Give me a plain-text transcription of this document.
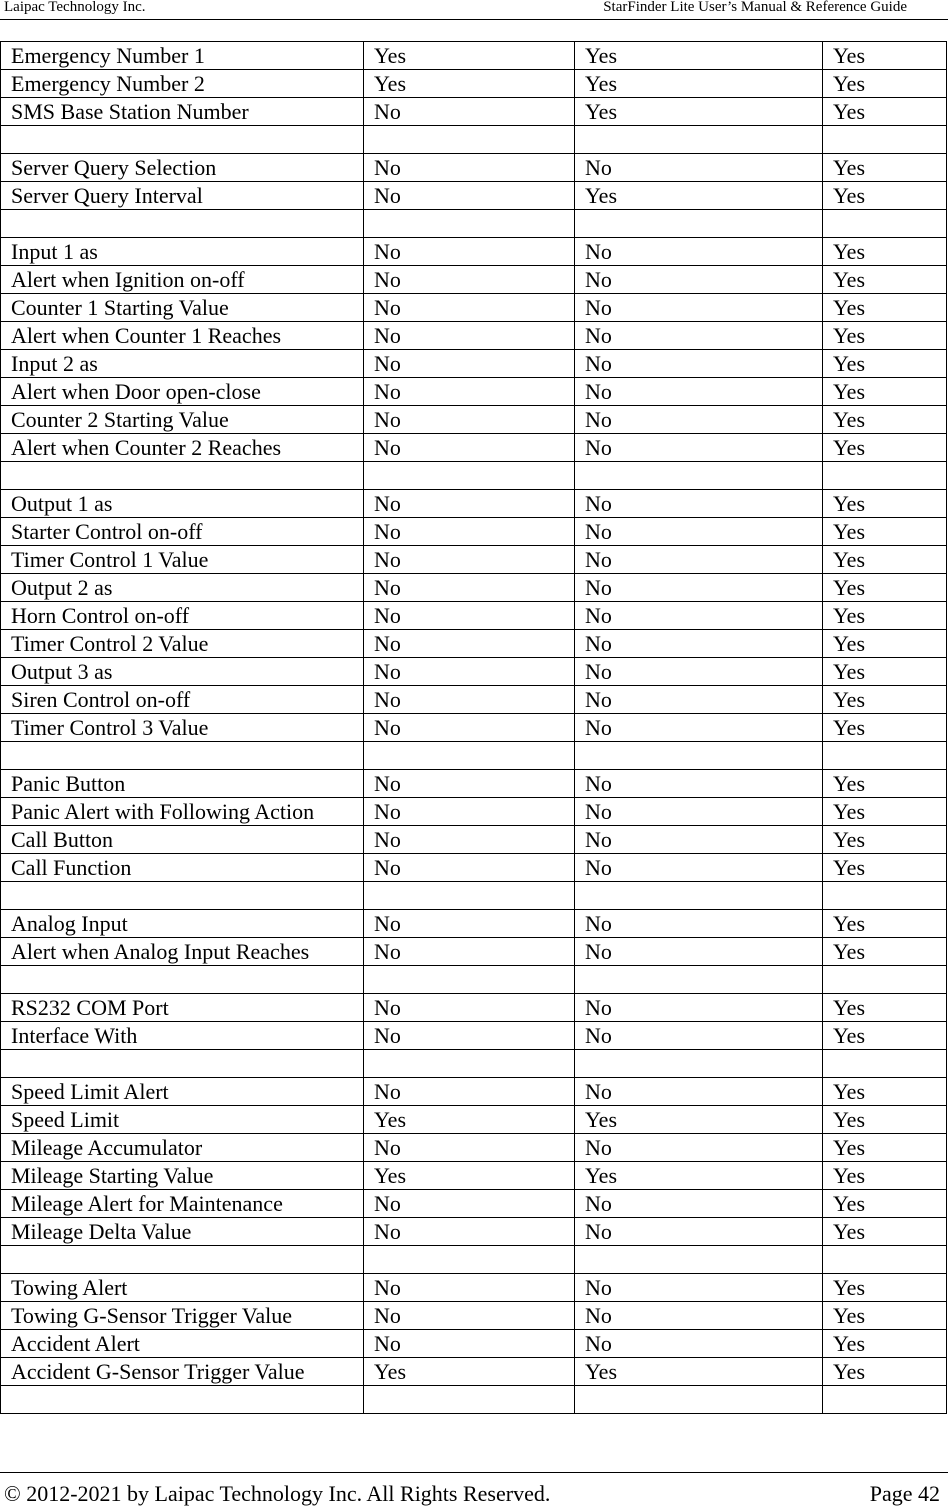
Laipac Technology Inc.	StarFinder Lite User’s Manual & Reference Guide
Emergency Number 1	Yes	Yes	Yes
Emergency Number 2	Yes	Yes	Yes
SMS Base Station Number	No	Yes	Yes

Server Query Selection	No	No	Yes
Server Query Interval	No	Yes	Yes

Input 1 as	No	No	Yes
Alert when Ignition on-off	No	No	Yes
Counter 1 Starting Value	No	No	Yes
Alert when Counter 1 Reaches	No	No	Yes
Input 2 as	No	No	Yes
Alert when Door open-close	No	No	Yes
Counter 2 Starting Value	No	No	Yes
Alert when Counter 2 Reaches	No	No	Yes

Output 1 as	No	No	Yes
Starter Control on-off	No	No	Yes
Timer Control 1 Value	No	No	Yes
Output 2 as	No	No	Yes
Horn Control on-off	No	No	Yes
Timer Control 2 Value	No	No	Yes
Output 3 as	No	No	Yes
Siren Control on-off	No	No	Yes
Timer Control 3 Value	No	No	Yes

Panic Button	No	No	Yes
Panic Alert with Following Action	No	No	Yes
Call Button	No	No	Yes
Call Function	No	No	Yes

Analog Input	No	No	Yes
Alert when Analog Input Reaches	No	No	Yes

RS232 COM Port	No	No	Yes
Interface With	No	No	Yes

Speed Limit Alert	No	No	Yes
Speed Limit	Yes	Yes	Yes
Mileage Accumulator	No	No	Yes
Mileage Starting Value	Yes	Yes	Yes
Mileage Alert for Maintenance	No	No	Yes
Mileage Delta Value	No	No	Yes

Towing Alert	No	No	Yes
Towing G-Sensor Trigger Value	No	No	Yes
Accident Alert	No	No	Yes
Accident G-Sensor Trigger Value	Yes	Yes	Yes

© 2012-2021 by Laipac Technology Inc. All Rights Reserved.	Page 42
